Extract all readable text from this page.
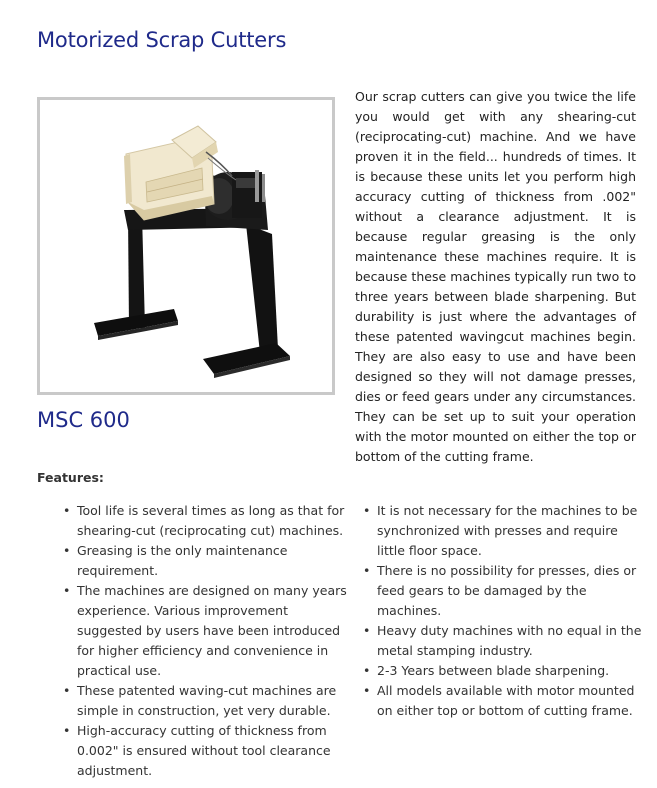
Motorized Scrap Cutters
MSC 600

Our scrap cutters can give you twice the life you would get with any shearing-cut (reciprocating-cut) machine. And we have proven it in the field... hundreds of times. It is because these units let you perform high accuracy cutting of thickness from .002" without a clearance adjustment. It is because regular greasing is the only maintenance these machines require. It is because these machines typically run two to three years between blade sharpening. But durability is just where the advantages of these patented wavingcut machines begin. They are also easy to use and have been designed so they will not damage presses, dies or feed gears under any circumstances. They can be set up to suit your operation with the motor mounted on either the top or bottom of the cutting frame.

Features:

• Tool life is several times as long as that for shearing-cut (reciprocating cut) machines.
• Greasing is the only maintenance requirement.
• The machines are designed on many years experience. Various improvement suggested by users have been introduced for higher efficiency and convenience in practical use.
• These patented waving-cut machines are simple in construction, yet very durable.
• High-accuracy cutting of thickness from 0.002" is ensured without tool clearance adjustment.
• It is not necessary for the machines to be synchronized with presses and require little floor space.
• There is no possibility for presses, dies or feed gears to be damaged by the machines.
• Heavy duty machines with no equal in the metal stamping industry.
• 2-3 Years between blade sharpening.
• All models available with motor mounted on either top or bottom of cutting frame.
